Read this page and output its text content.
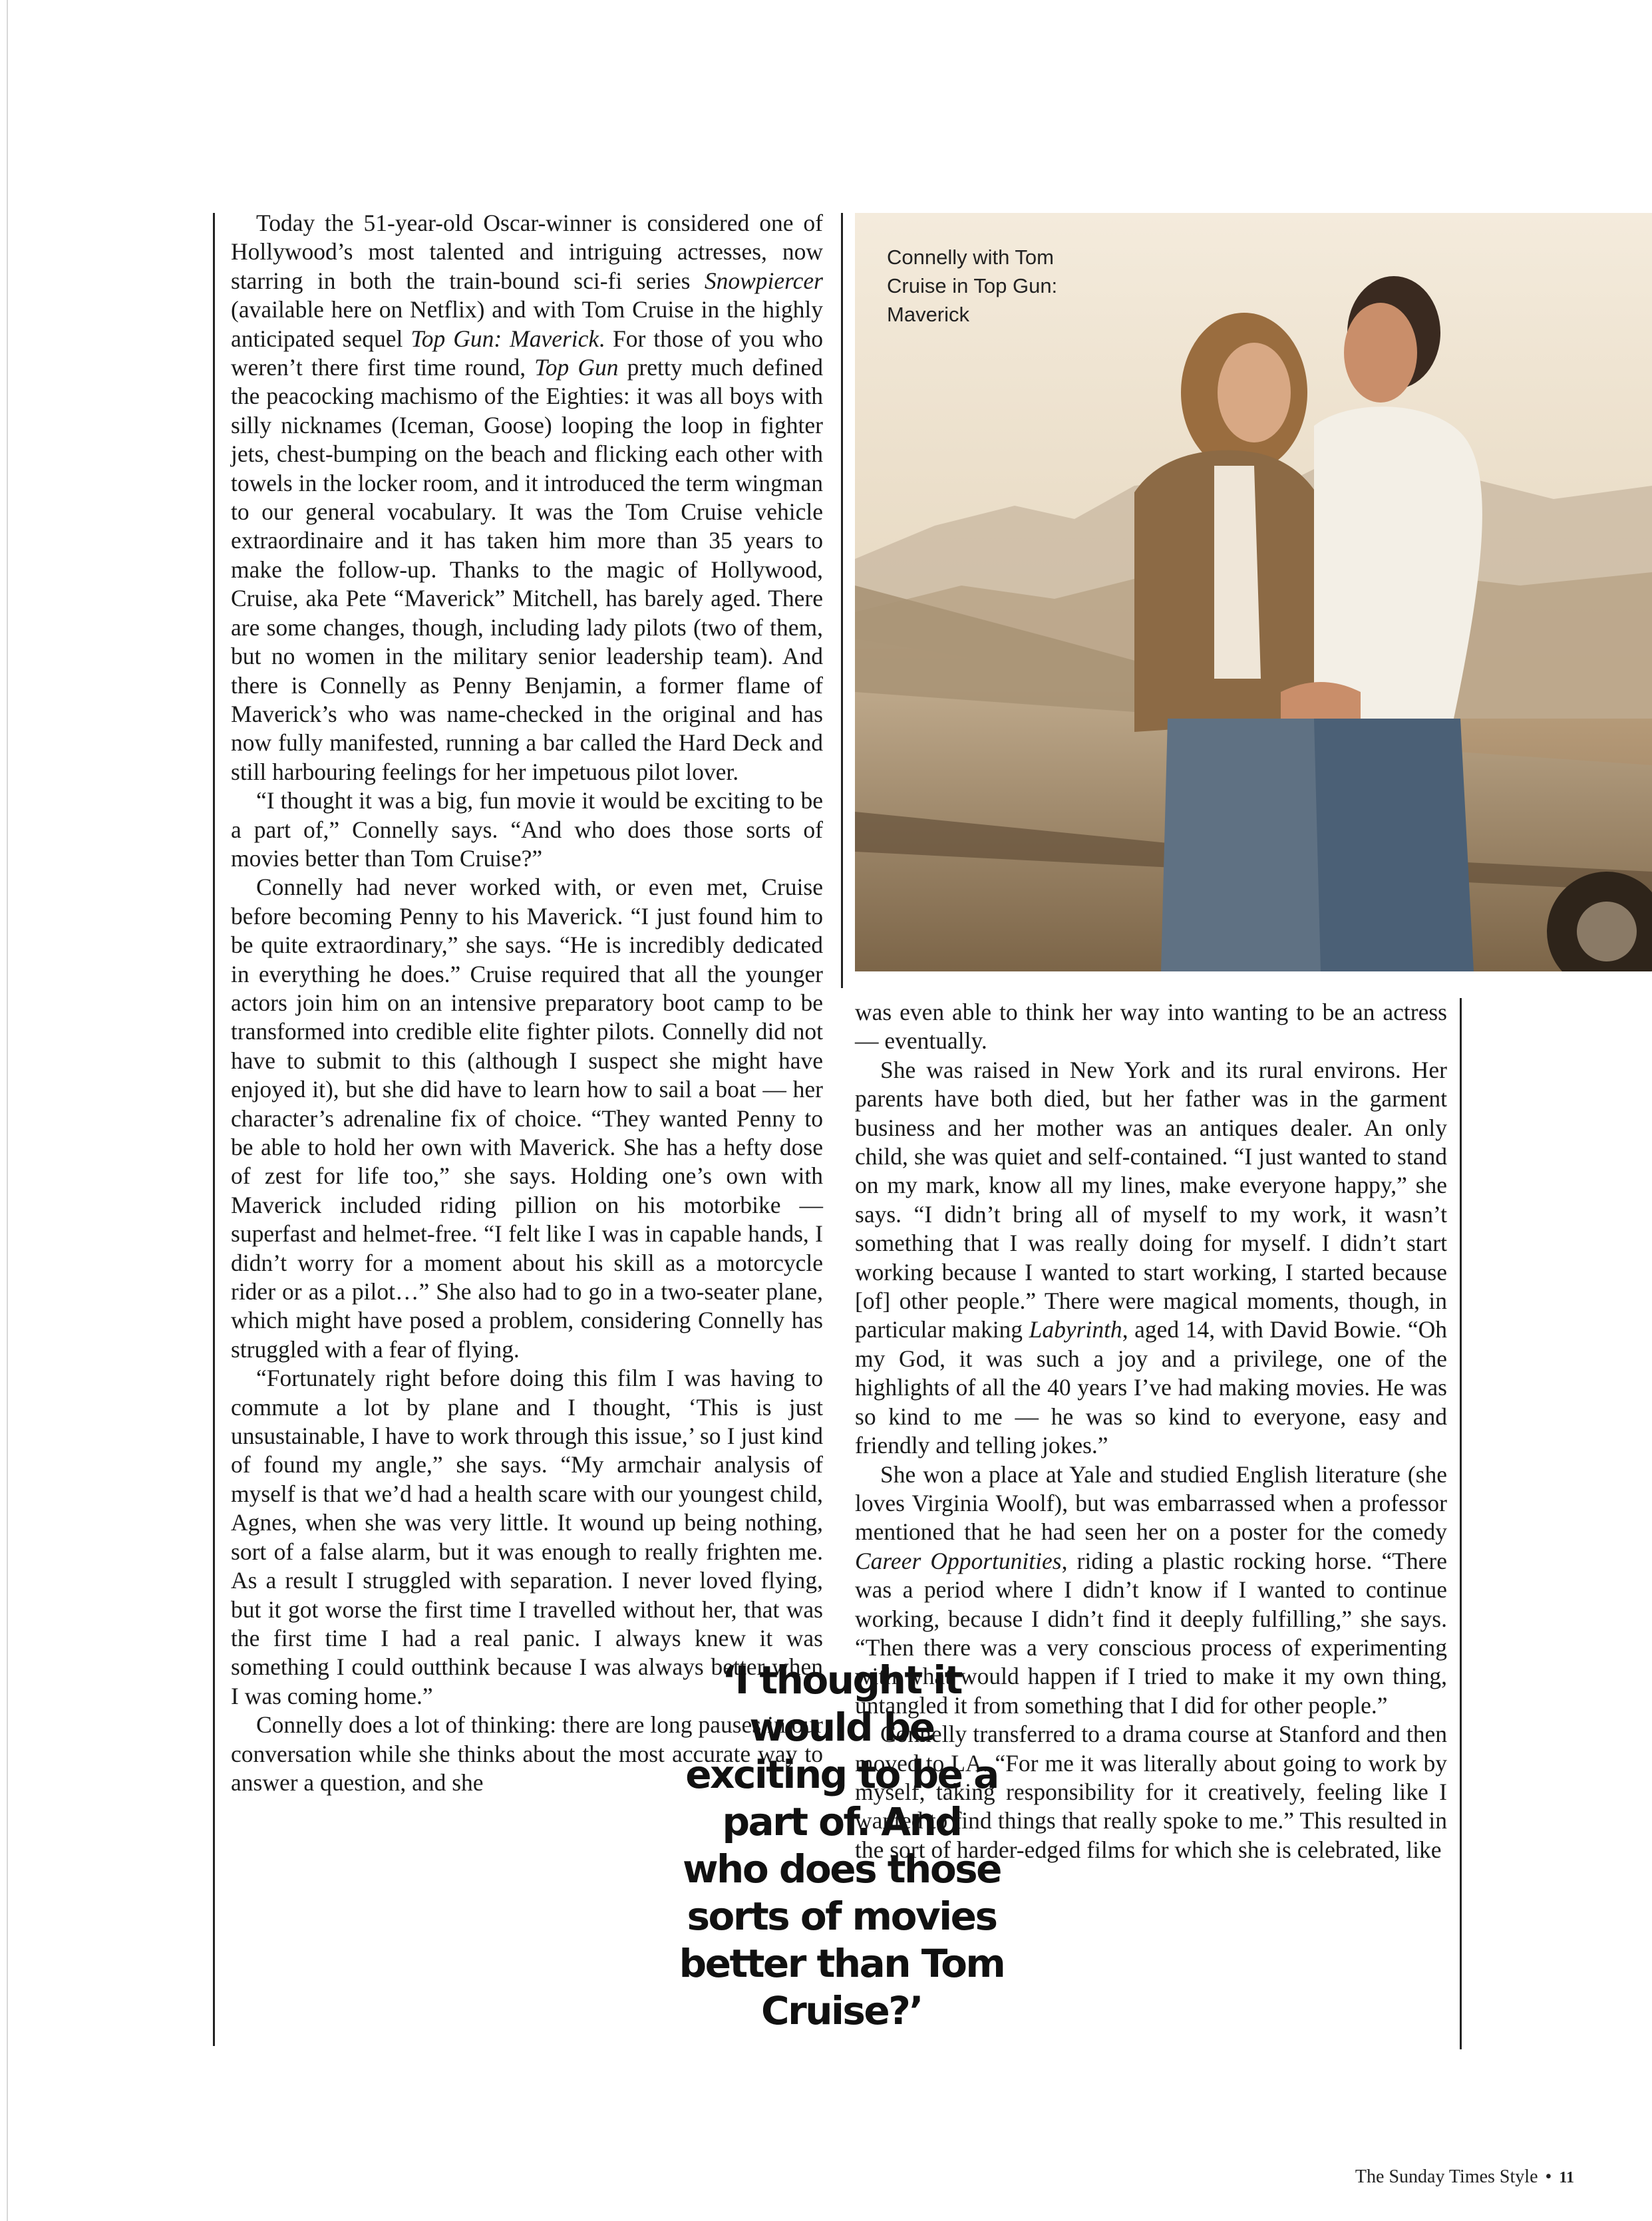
Connelly with Tom Cruise in Top Gun: Maverick

Today the 51-year-old Oscar-winner is considered one of Hollywood’s most talented and intriguing actresses, now starring in both the train-bound sci-fi series Snowpiercer (available here on Netflix) and with Tom Cruise in the highly anticipated sequel Top Gun: Maverick. For those of you who weren’t there first time round, Top Gun pretty much defined the peacocking machismo of the Eighties: it was all boys with silly nicknames (Iceman, Goose) looping the loop in fighter jets, chest-bumping on the beach and flicking each other with towels in the locker room, and it introduced the term wingman to our general vocabulary. It was the Tom Cruise vehicle extraordinaire and it has taken him more than 35 years to make the follow-up. Thanks to the magic of Hollywood, Cruise, aka Pete “Maverick” Mitchell, has barely aged. There are some changes, though, including lady pilots (two of them, but no women in the military senior leadership team). And there is Connelly as Penny Benjamin, a former flame of Maverick’s who was name-checked in the original and has now fully manifested, running a bar called the Hard Deck and still harbouring feelings for her impetuous pilot lover.

“I thought it was a big, fun movie it would be exciting to be a part of,” Connelly says. “And who does those sorts of movies better than Tom Cruise?”

Connelly had never worked with, or even met, Cruise before becoming Penny to his Maverick. “I just found him to be quite extraordinary,” she says. “He is incredibly dedicated in everything he does.” Cruise required that all the younger actors join him on an intensive preparatory boot camp to be transformed into credible elite fighter pilots. Connelly did not have to submit to this (although I suspect she might have enjoyed it), but she did have to learn how to sail a boat — her character’s adrenaline fix of choice. “They wanted Penny to be able to hold her own with Maverick. She has a hefty dose of zest for life too,” she says. Holding one’s own with Maverick included riding pillion on his motorbike — superfast and helmet-free. “I felt like I was in capable hands, I didn’t worry for a moment about his skill as a motorcycle rider or as a pilot…” She also had to go in a two-seater plane, which might have posed a problem, considering Connelly has struggled with a fear of flying.

“Fortunately right before doing this film I was having to commute a lot by plane and I thought, ‘This is just unsustainable, I have to work through this issue,’ so I just kind of found my angle,” she says. “My armchair analysis of myself is that we’d had a health scare with our youngest child, Agnes, when she was very little. It wound up being nothing, sort of a false alarm, but it was enough to really frighten me. As a result I struggled with separation. I never loved flying, but it got worse the first time I travelled without her, that was the first time I had a real panic. I always knew it was something I could outthink because I was always better when I was coming home.”

Connelly does a lot of thinking: there are long pauses in our conversation while she thinks about the most accurate way to answer a question, and she

was even able to think her way into wanting to be an actress — eventually.

She was raised in New York and its rural environs. Her parents have both died, but her father was in the garment business and her mother was an antiques dealer. An only child, she was quiet and self-contained. “I just wanted to stand on my mark, know all my lines, make everyone happy,” she says. “I didn’t bring all of myself to my work, it wasn’t something that I was really doing for myself. I didn’t start working because I wanted to start working, I started because [of] other people.” There were magical moments, though, in particular making Labyrinth, aged 14, with David Bowie. “Oh my God, it was such a joy and a privilege, one of the highlights of all the 40 years I’ve had making movies. He was so kind to me — he was so kind to everyone, easy and friendly and telling jokes.”

She won a place at Yale and studied English literature (she loves Virginia Woolf), but was embarrassed when a professor mentioned that he had seen her on a poster for the comedy Career Opportunities, riding a plastic rocking horse. “There was a period where I didn’t know if I wanted to continue working, because I didn’t find it deeply fulfilling,” she says. “Then there was a very conscious process of experimenting with what would happen if I tried to make it my own thing, untangled it from something that I did for other people.”

Connelly transferred to a drama course at Stanford and then moved to LA. “For me it was literally about going to work by myself, taking responsibility for it creatively, feeling like I wanted to find things that really spoke to me.” This resulted in the sort of harder-edged films for which she is celebrated, like

‘I thought it would be exciting to be a part of. And who does those sorts of movies better than Tom Cruise?’

The Sunday Times Style • 11
